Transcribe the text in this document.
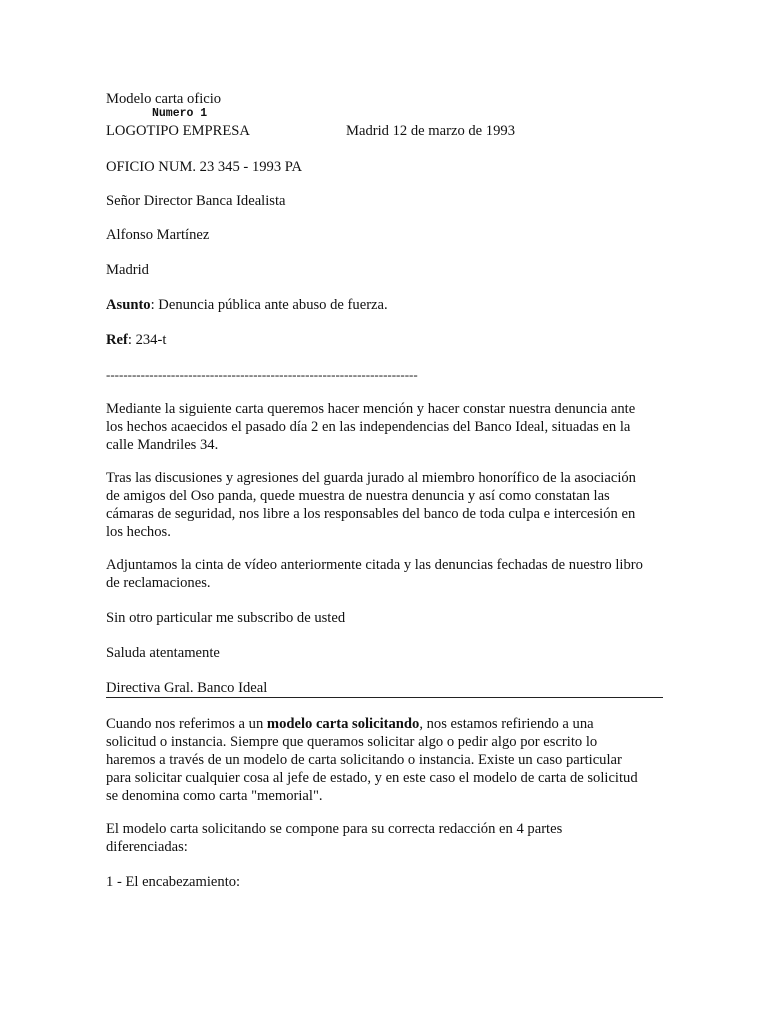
Modelo carta oficio
Numero 1
LOGOTIPO EMPRESA	Madrid 12 de marzo de 1993
OFICIO NUM. 23 345 - 1993 PA
Señor Director Banca Idealista
Alfonso Martínez
Madrid
Asunto: Denuncia pública ante abuso de fuerza.
Ref: 234-t
------------------------------------------------------------------------
Mediante la siguiente carta queremos hacer mención y hacer constar nuestra denuncia ante
los hechos acaecidos el pasado día 2 en las independencias del Banco Ideal, situadas en la
calle Mandriles 34.
Tras las discusiones y agresiones del guarda jurado al miembro honorífico de la asociación
de amigos del Oso panda, quede muestra de nuestra denuncia y así como constatan las
cámaras de seguridad, nos libre a los responsables del banco de toda culpa e intercesión en
los hechos.
Adjuntamos la cinta de vídeo anteriormente citada y las denuncias fechadas de nuestro libro
de reclamaciones.
Sin otro particular me subscribo de usted
Saluda atentamente
Directiva Gral. Banco Ideal
Cuando nos referimos a un modelo carta solicitando, nos estamos refiriendo a una
solicitud o instancia. Siempre que queramos solicitar algo o pedir algo por escrito lo
haremos a través de un modelo de carta solicitando o instancia. Existe un caso particular
para solicitar cualquier cosa al jefe de estado, y en este caso el modelo de carta de solicitud
se denomina como carta "memorial".
El modelo carta solicitando se compone para su correcta redacción en 4 partes
diferenciadas:
1 - El encabezamiento:
